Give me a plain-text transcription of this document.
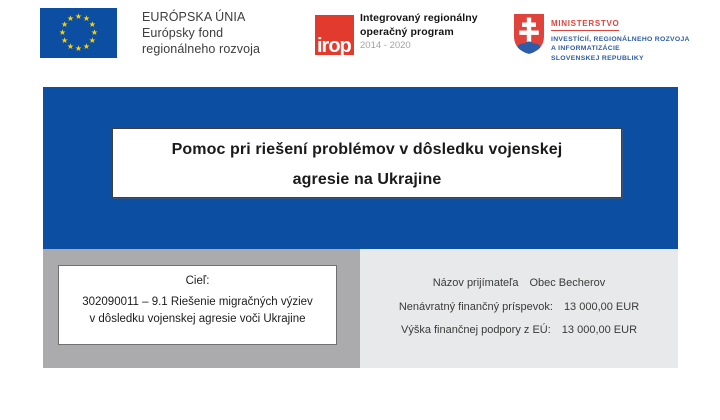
★ ★
★
★
★
★
★
★
★
★
★
★	EURÓPSKA ÚNIA
Európsky fond
regionálneho rozvoja	irop
Integrovaný regionálny
operačný program
2014 - 2020
MINISTERSTVO
INVESTÍCIÍ, REGIONÁLNEHO ROZVOJA
A INFORMATIZÁCIE
SLOVENSKEJ REPUBLIKY
Pomoc pri riešení problémov v dôsledku vojenskej
agresie na Ukrajine
Cieľ:
302090011 – 9.1 Riešenie migračných výziev
v dôsledku vojenskej agresie voči Ukrajine
Názov prijímateľa Obec Becherov
Nenávratný finančný príspevok: 13 000,00 EUR
Výška finančnej podpory z EÚ: 13 000,00 EUR
